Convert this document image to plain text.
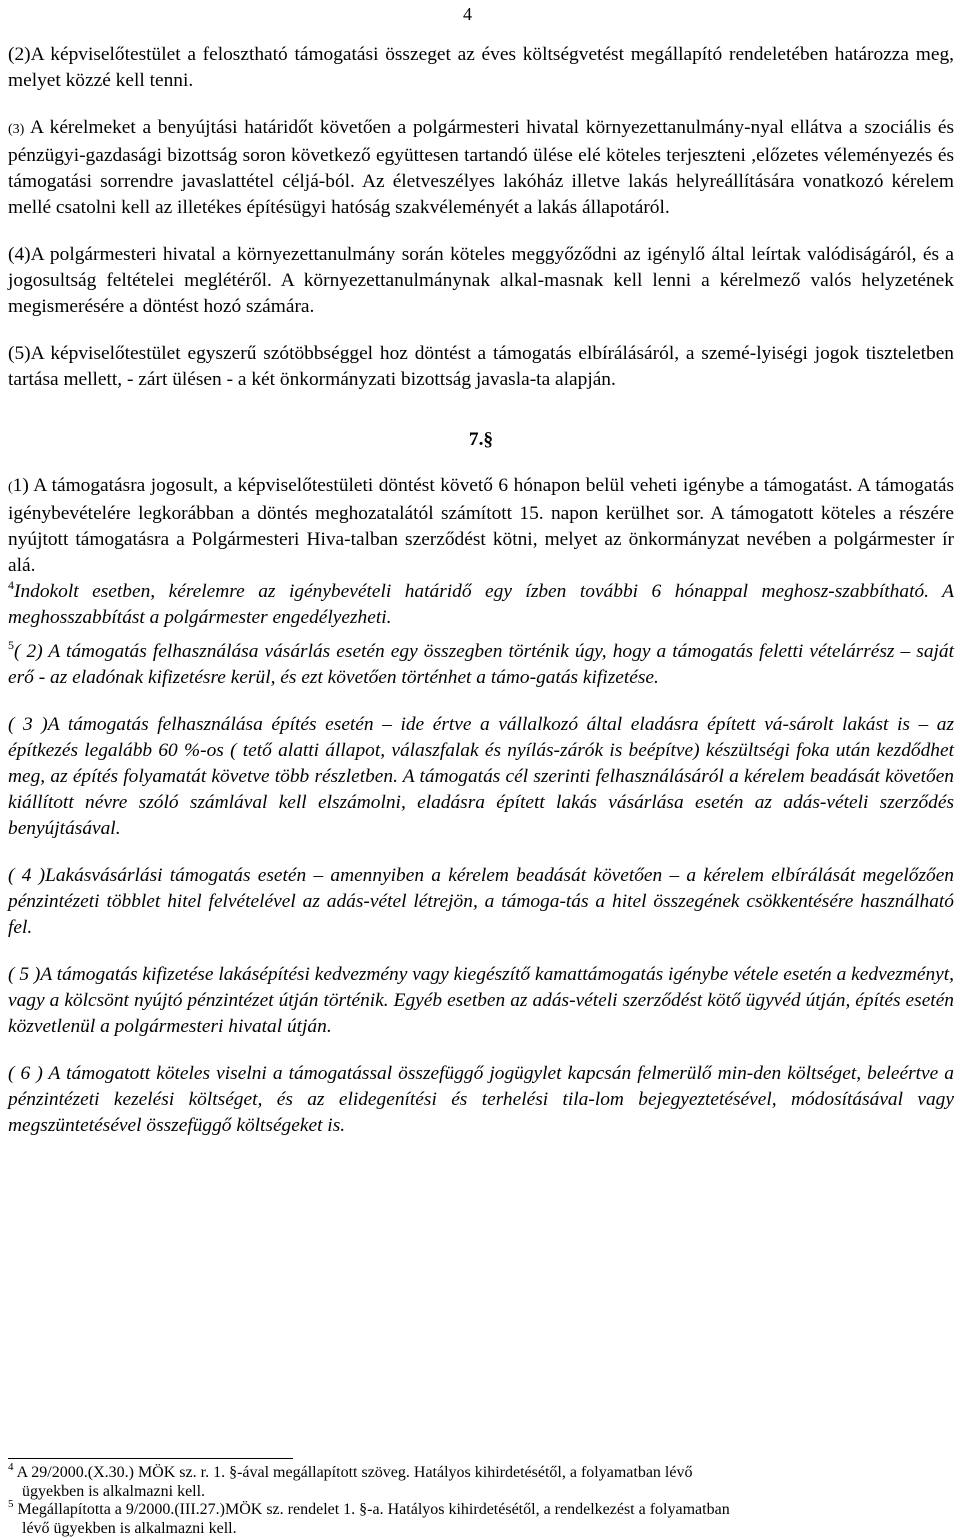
4

(2)A képviselőtestület a felosztható támogatási összeget az éves költségvetést megállapító rendeletében határozza meg, melyet közzé kell tenni.

(3) A kérelmeket a benyújtási határidőt követően a polgármesteri hivatal környezettanulmány-nyal ellátva a szociális és pénzügyi-gazdasági bizottság soron következő együttesen tartandó ülése elé köteles terjeszteni ,előzetes véleményezés és támogatási sorrendre javaslattétel céljá-ból. Az életveszélyes lakóház illetve lakás helyreállítására vonatkozó kérelem mellé csatolni kell az illetékes építésügyi hatóság szakvéleményét a lakás állapotáról.

(4)A polgármesteri hivatal a környezettanulmány során köteles meggyőződni az igénylő által leírtak valódiságáról, és a jogosultság feltételei meglétéről. A környezettanulmánynak alkal-masnak kell lenni a kérelmező valós helyzetének megismerésére a döntést hozó számára.

(5)A képviselőtestület egyszerű szótöbbséggel hoz döntést a támogatás elbírálásáról, a szemé-lyiségi jogok tiszteletben tartása mellett, - zárt ülésen - a két önkormányzati bizottság javasla-ta alapján.

7.§

(1) A támogatásra jogosult, a képviselőtestületi döntést követő 6 hónapon belül veheti igénybe a támogatást. A támogatás igénybevételére legkorábban a döntés meghozatalától számított 15. napon kerülhet sor. A támogatott köteles a részére nyújtott támogatásra a Polgármesteri Hiva-talban szerződést kötni, melyet az önkormányzat nevében a polgármester ír alá.
$^4$Indokolt esetben, kérelemre az igénybevételi határidő egy ízben további 6 hónappal meghosz-szabbítható. A meghosszabbítást a polgármester engedélyezheti.

$^5$( 2) A támogatás felhasználása vásárlás esetén egy összegben történik úgy, hogy a támogatás feletti vételárrész – saját erő - az eladónak kifizetésre kerül, és ezt követően történhet a támo-gatás kifizetése.

( 3 )A támogatás felhasználása építés esetén – ide értve a vállalkozó által eladásra épített vá-sárolt lakást is – az építkezés legalább 60 %-os ( tető alatti állapot, válaszfalak és nyílás-zárók is beépítve) készültségi foka után kezdődhet meg, az építés folyamatát követve több részletben. A támogatás cél szerinti felhasználásáról a kérelem beadását követően kiállított névre szóló számlával kell elszámolni, eladásra épített lakás vásárlása esetén az adás-vételi szerződés benyújtásával.

( 4 )Lakásvásárlási támogatás esetén – amennyiben a kérelem beadását követően – a kérelem elbírálását megelőzően pénzintézeti többlet hitel felvételével az adás-vétel létrejön, a támoga-tás a hitel összegének csökkentésére használható fel.

( 5 )A támogatás kifizetése lakásépítési kedvezmény vagy kiegészítő kamattámogatás igénybe vétele esetén a kedvezményt, vagy a kölcsönt nyújtó pénzintézet útján történik. Egyéb esetben az adás-vételi szerződést kötő ügyvéd útján, építés esetén közvetlenül a polgármesteri hivatal útján.

( 6 ) A támogatott köteles viselni a támogatással összefüggő jogügylet kapcsán felmerülő min-den költséget, beleértve a pénzintézeti kezelési költséget, és az elidegenítési és terhelési tila-lom bejegyeztetésével, módosításával vagy megszüntetésével összefüggő költségeket is.

$^4$ A 29/2000.(X.30.) MÖK sz. r. 1. §-ával megállapított szöveg. Hatályos kihirdetésétől, a folyamatban lévő
ügyekben is alkalmazni kell.

$^5$ Megállapította a 9/2000.(III.27.)MÖK sz. rendelet 1. §-a. Hatályos kihirdetésétől, a rendelkezést a folyamatban
lévő ügyekben is alkalmazni kell.
